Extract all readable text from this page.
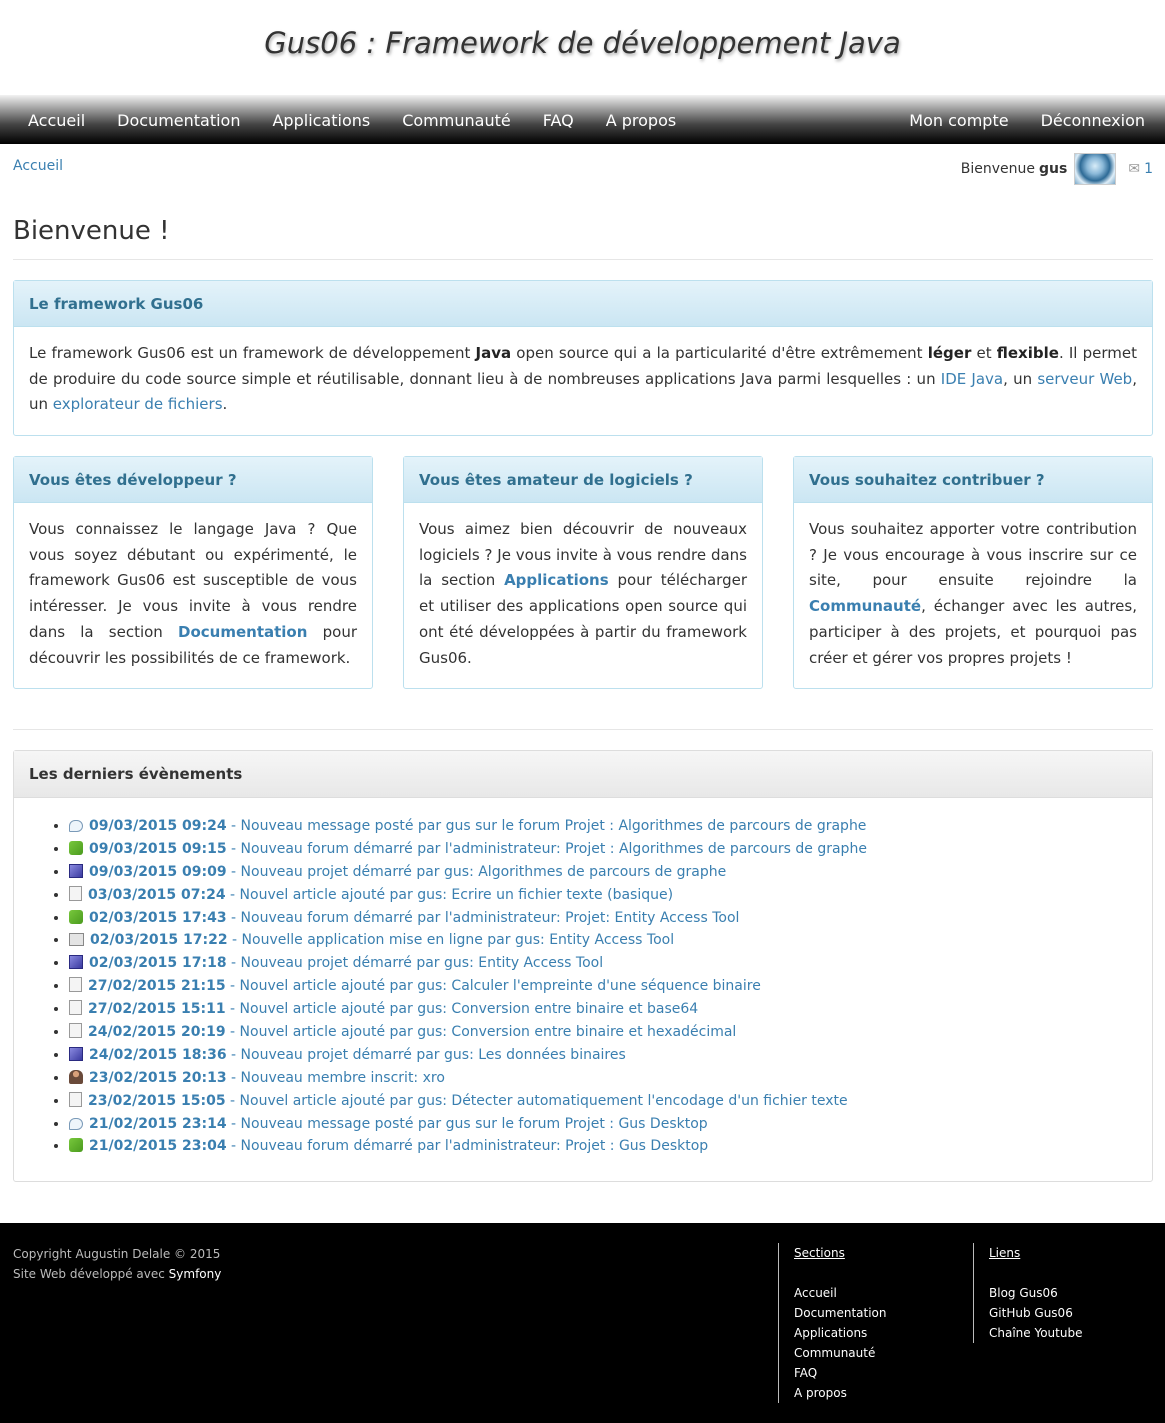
Gus06 : Framework de développement Java
Accueil	Documentation	Applications	Communauté	FAQ	A propos	Mon compte	Déconnexion
Accueil	Bienvenue gus	✉ 1
Bienvenue !
Le framework Gus06
Le framework Gus06 est un framework de développement Java open source qui a la particularité d'être extrêmement léger et flexible. Il permet de produire du code source simple et réutilisable, donnant lieu à de nombreuses applications Java parmi lesquelles : un IDE Java, un serveur Web, un explorateur de fichiers.
Vous êtes développeur ?
Vous connaissez le langage Java ? Que vous soyez débutant ou expérimenté, le framework Gus06 est susceptible de vous intéresser. Je vous invite à vous rendre dans la section Documentation pour découvrir les possibilités de ce framework.
Vous êtes amateur de logiciels ?
Vous aimez bien découvrir de nouveaux logiciels ? Je vous invite à vous rendre dans la section Applications pour télécharger et utiliser des applications open source qui ont été développées à partir du framework Gus06.
Vous souhaitez contribuer ?
Vous souhaitez apporter votre contribution ? Je vous encourage à vous inscrire sur ce site, pour ensuite rejoindre la Communauté, échanger avec les autres, participer à des projets, et pourquoi pas créer et gérer vos propres projets !
Les derniers évènements
• 09/03/2015 09:24 - Nouveau message posté par gus sur le forum Projet : Algorithmes de parcours de graphe
• 09/03/2015 09:15 - Nouveau forum démarré par l'administrateur: Projet : Algorithmes de parcours de graphe
• 09/03/2015 09:09 - Nouveau projet démarré par gus: Algorithmes de parcours de graphe
• 03/03/2015 07:24 - Nouvel article ajouté par gus: Ecrire un fichier texte (basique)
• 02/03/2015 17:43 - Nouveau forum démarré par l'administrateur: Projet: Entity Access Tool
• 02/03/2015 17:22 - Nouvelle application mise en ligne par gus: Entity Access Tool
• 02/03/2015 17:18 - Nouveau projet démarré par gus: Entity Access Tool
• 27/02/2015 21:15 - Nouvel article ajouté par gus: Calculer l'empreinte d'une séquence binaire
• 27/02/2015 15:11 - Nouvel article ajouté par gus: Conversion entre binaire et base64
• 24/02/2015 20:19 - Nouvel article ajouté par gus: Conversion entre binaire et hexadécimal
• 24/02/2015 18:36 - Nouveau projet démarré par gus: Les données binaires
• 23/02/2015 20:13 - Nouveau membre inscrit: xro
• 23/02/2015 15:05 - Nouvel article ajouté par gus: Détecter automatiquement l'encodage d'un fichier texte
• 21/02/2015 23:14 - Nouveau message posté par gus sur le forum Projet : Gus Desktop
• 21/02/2015 23:04 - Nouveau forum démarré par l'administrateur: Projet : Gus Desktop
Copyright Augustin Delale © 2015
Site Web développé avec Symfony
Sections
Accueil
Documentation
Applications
Communauté
FAQ
A propos
Liens
Blog Gus06
GitHub Gus06
Chaîne Youtube
